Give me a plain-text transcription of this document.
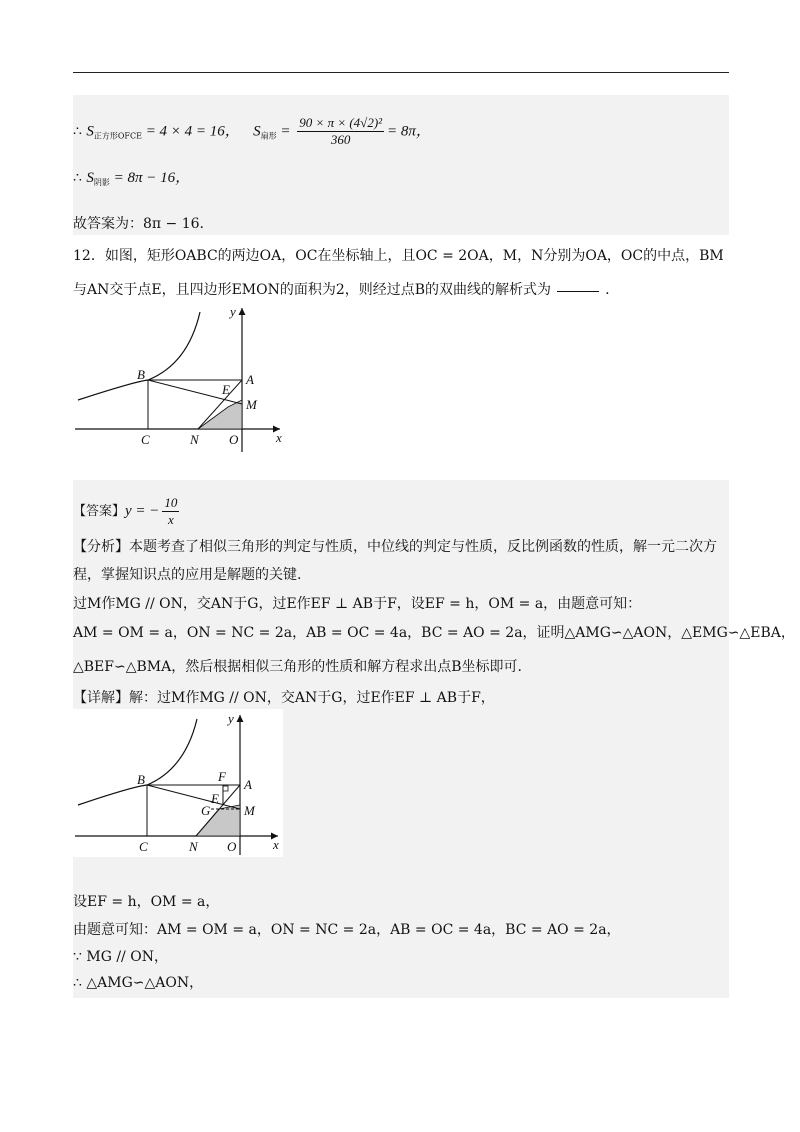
∴ $S_{正方形OFCE} = 4 \times 4 = 16$， $S_{扇形} = \frac{\text{90 × π × (4√2)²}}{360} = 8\pi$，
∴ $S_{阴影} = 8\pi - 16$，
故答案为：8π − 16.
12．如图，矩形OABC的两边OA，OC在坐标轴上，且OC = 2OA，M，N分别为OA，OC的中点，BM
与AN交于点E，且四边形EMON的面积为2，则经过点B的双曲线的解析式为	.
y
x
B	A
E
M
C	N O
【答案】y = − $\frac{10}{x}$
【分析】本题考查了相似三角形的判定与性质，中位线的判定与性质，反比例函数的性质，解一元二次方
程，掌握知识点的应用是解题的关键.
过M作MG // ON，交AN于G，过E作EF ⊥ AB于F，设EF = h，OM = a，由题意可知：
AM = OM = a，ON = NC = 2a，AB = OC = 4a，BC = AO = 2a，证明△AMG∽△AON，△EMG∽△EBA，
△BEF∽△BMA，然后根据相似三角形的性质和解方程求出点B坐标即可.
【详解】解：过M作MG // ON，交AN于G，过E作EF ⊥ AB于F，
y
x
B	F
A
E
G	M
C	N O
设EF = h，OM = a，
由题意可知：AM = OM = a，ON = NC = 2a，AB = OC = 4a，BC = AO = 2a，
∵ MG // ON，
∴ △AMG∽△AON，
